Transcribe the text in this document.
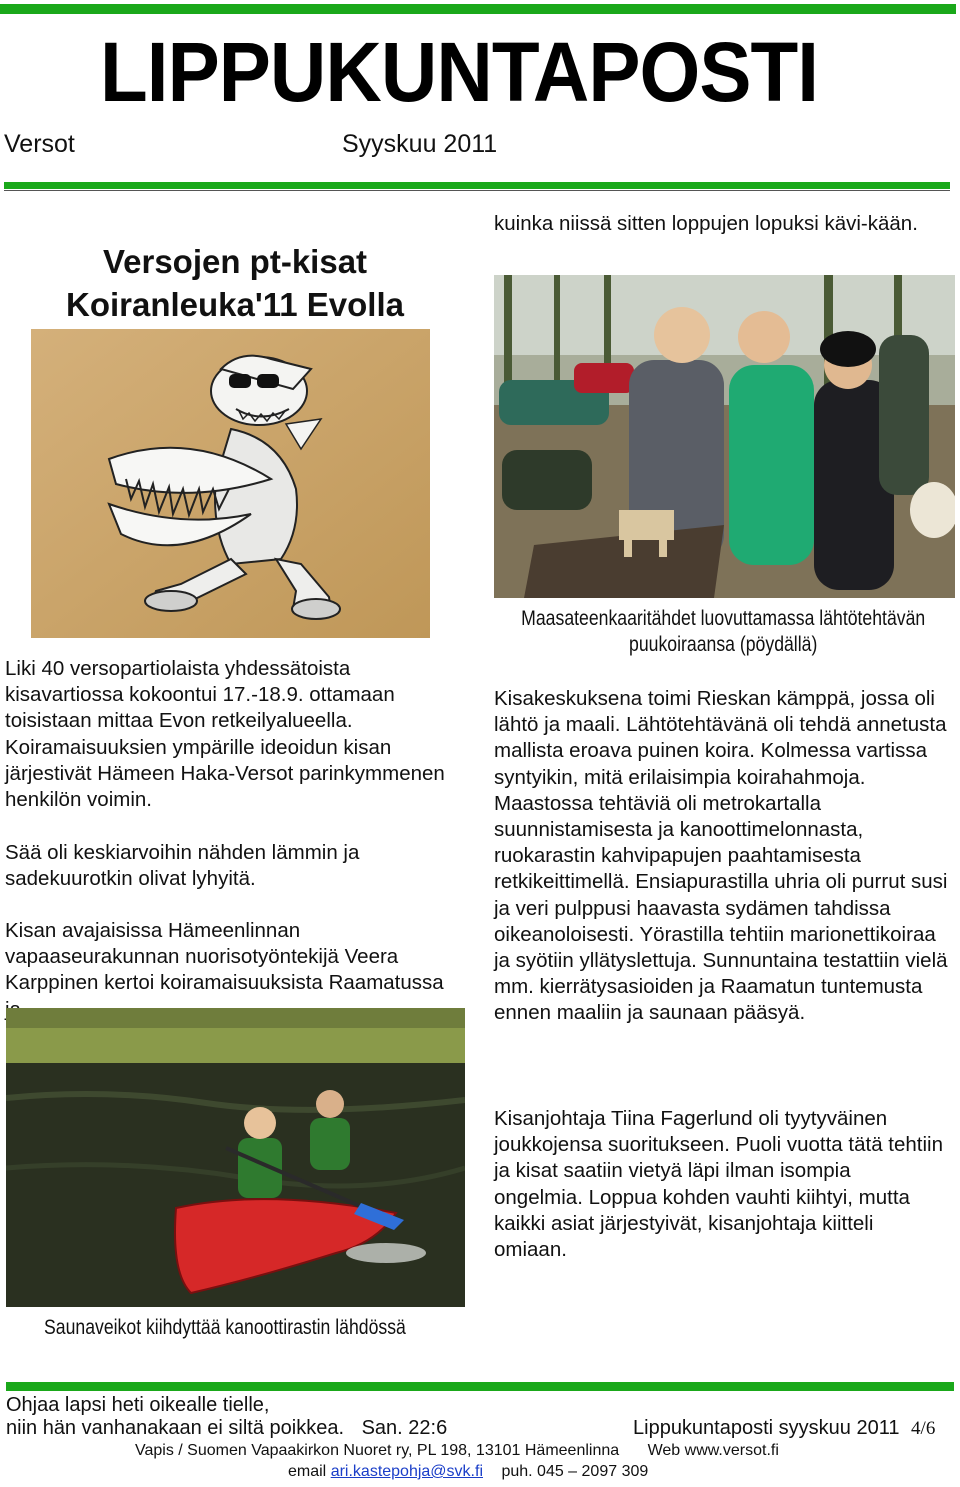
LIPPUKUNTAPOSTI
Versot	Syyskuu 2011
Versojen pt-kisat
Koiranleuka'11 Evolla
Liki 40 versopartiolaista yhdessätoista kisavartiossa kokoontui 17.-18.9. ottamaan toisistaan mittaa Evon retkeilyalueella. Koiramaisuuksien ympärille ideoidun kisan järjestivät Hämeen Haka-Versot parinkymmenen henkilön voimin.
Sää oli keskiarvoihin nähden lämmin ja sadekuurotkin olivat lyhyitä.
Kisan avajaisissa Hämeenlinnan vapaaseurakunnan nuorisotyöntekijä Veera Karppinen kertoi koiramaisuuksista Raamatussa
Saunaveikot kiihdyttää kanoottirastin lähdössä
kuinka niissä sitten loppujen lopuksi kävi-kään.
Maasateenkaaritähdet luovuttamassa lähtötehtävän puukoiraansa (pöydällä)
Kisakeskuksena toimi Rieskan kämppä, jossa oli lähtö ja maali. Lähtötehtävänä oli tehdä annetusta mallista eroava puinen koira. Kolmessa vartissa syntyikin, mitä erilaisimpia koirahahmoja. Maastossa tehtäviä oli metrokartalla suunnistamisesta ja kanoottimelonnasta, ruokarastin kahvipapujen paahtamisesta retkikeittimellä. Ensiapurastilla uhria oli purrut susi ja veri pulppusi haavasta sydämen tahdissa oikeanoloisesti. Yörastilla tehtiin marionettikoiraa ja syötiin yllätyslettuja. Sunnuntaina testattiin vielä mm. kierrätysasioiden ja Raamatun tuntemusta ennen maaliin ja saunaan pääsyä.
Kisanjohtaja Tiina Fagerlund oli tyytyväinen joukkojensa suoritukseen. Puoli vuotta tätä tehtiin ja kisat saatiin vietyä läpi ilman isompia ongelmia. Loppua kohden vauhti kiihtyi, mutta kaikki asiat järjestyivät, kisanjohtaja kiitteli omiaan.
Ohjaa lapsi heti oikealle tielle,
niin hän vanhanakaan ei siltä poikkea. San. 22:6	Lippukuntaposti syyskuu 2011 4/6
Vapis / Suomen Vapaakirkon Nuoret ry, PL 198, 13101 Hämeenlinna Web www.versot.fi
email ari.kastepohja@svk.fi puh. 045 – 2097 309
